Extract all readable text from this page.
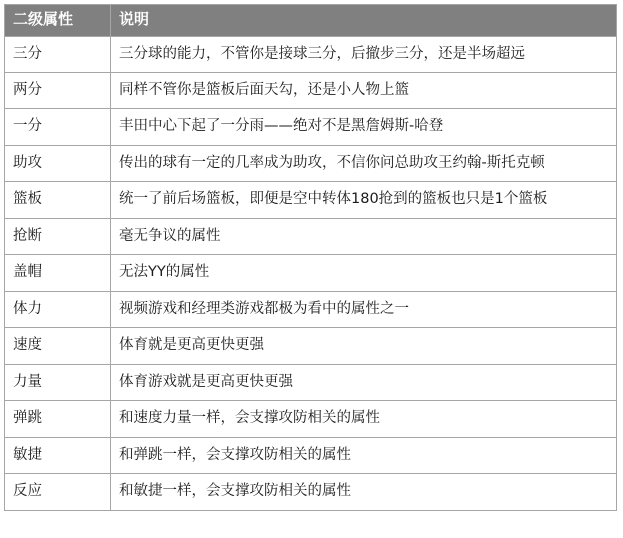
二级属性	说明
三分	三分球的能力，不管你是接球三分，后撤步三分，还是半场超远
两分	同样不管你是篮板后面天勾，还是小人物上篮
一分	丰田中心下起了一分雨——绝对不是黑詹姆斯-哈登
助攻	传出的球有一定的几率成为助攻，不信你问总助攻王约翰-斯托克顿
篮板	统一了前后场篮板，即便是空中转体180抢到的篮板也只是1个篮板
抢断	毫无争议的属性
盖帽	无法YY的属性
体力	视频游戏和经理类游戏都极为看中的属性之一
速度	体育就是更高更快更强
力量	体育游戏就是更高更快更强
弹跳	和速度力量一样，会支撑攻防相关的属性
敏捷	和弹跳一样，会支撑攻防相关的属性
反应	和敏捷一样，会支撑攻防相关的属性
